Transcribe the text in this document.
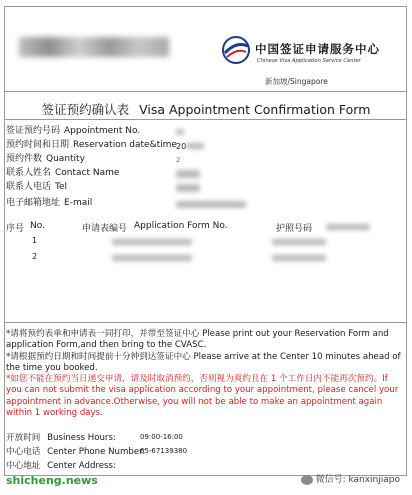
中国签证申请服务中心
Chinese Visa Application Service Center
新加坡/Singapore
签证预约确认表 Visa Appointment Confirmation Form
签证预约号码 Appointment No.
预约时间和日期 Reservation date&time 20
预约件数 Quantity	2
联系人姓名 Contact Name
联系人电话 Tel
电子邮箱地址 E-mail
序号 No.	申请表编号 Application Form No.	护照号码
1
2

*请将预约表单和申请表一同打印，并带至签证中心 Please print out your Reservation Form and application Form,and then bring to the CVASC.

*请根据预约日期和时间提前十分钟到达签证中心 Please arrive at the Center 10 minutes ahead of the time you booked.

*如您不能在预约当日递交申请，请及时取消预约，否则视为爽约且在 1 个工作日内不能再次预约。If you can not submit the visa application according to your appointment, please cancel your appointment in advance.Otherwise, you will not be able to make an appointment again within 1 working days.

开放时间 Business Hours:	09:00-16:00
中心电话 Center Phone Number:
65-67139380
中心地址 Center Address:
shicheng.news	微信号: kanxinjiapo
